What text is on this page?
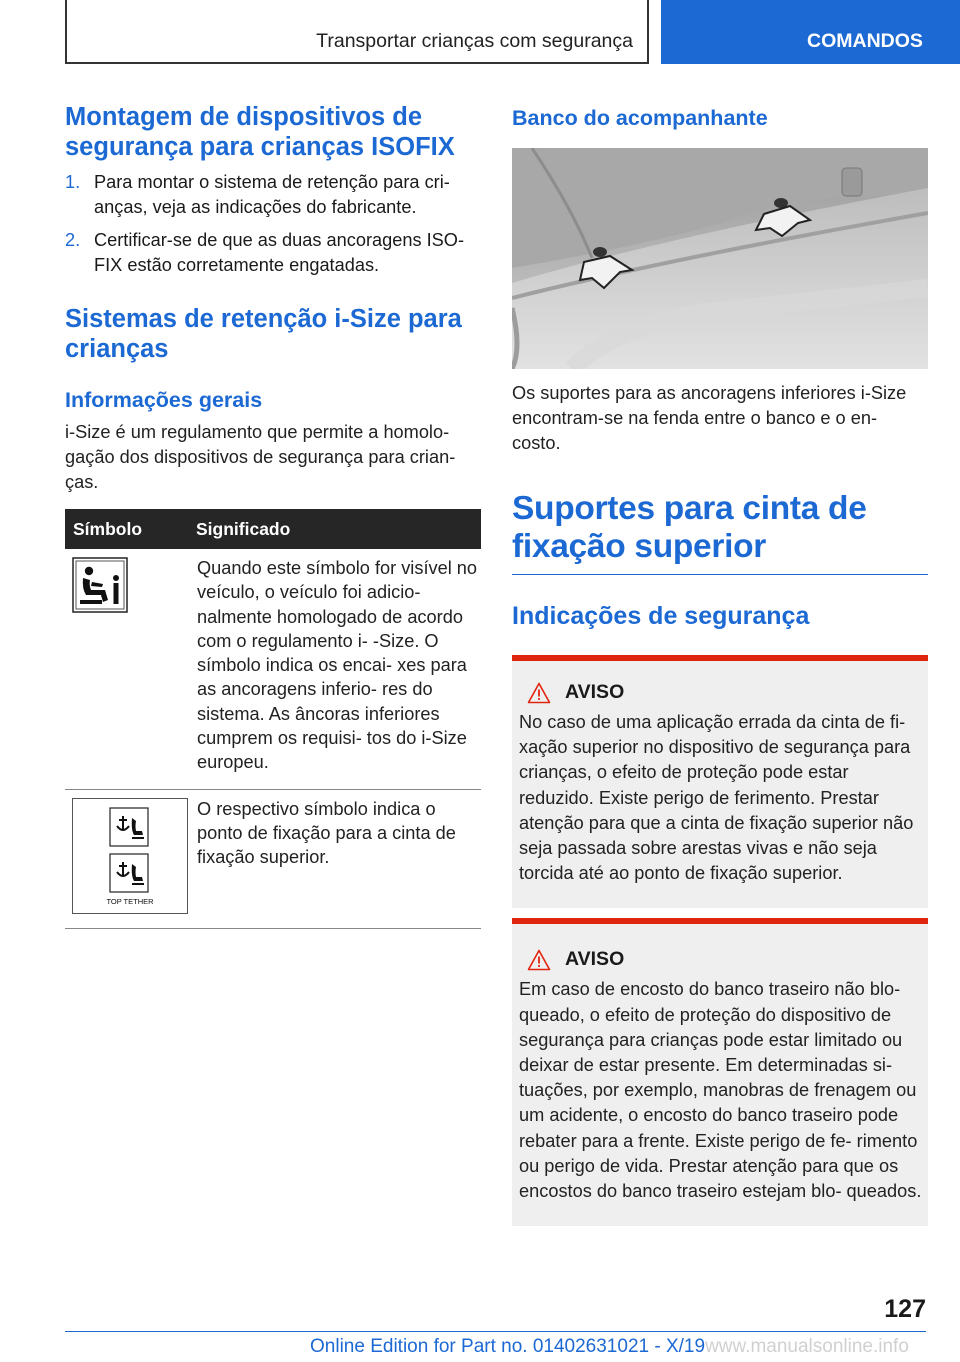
Transportar crianças com segurança	COMANDOS
Montagem de dispositivos de segurança para crianças ISOFIX
1. Para montar o sistema de retenção para cri‐ anças, veja as indicações do fabricante.
2. Certificar-se de que as duas ancoragens ISO‐ FIX estão corretamente engatadas.
Sistemas de retenção i-Size para crianças
Informações gerais

i-Size é um regulamento que permite a homolo‐ gação dos dispositivos de segurança para crian‐ ças.

Símbolo	Significado
	Quando este símbolo for visível no veículo, o veículo foi adicio‐ nalmente homologado de acordo com o regulamento i- -Size. O símbolo indica os encai‐ xes para as ancoragens inferio‐ res do sistema. As âncoras inferiores cumprem os requisi‐ tos do i-Size europeu.

TOP TETHER	O respectivo símbolo indica o ponto de fixação para a cinta de fixação superior.
Banco do acompanhante

Os suportes para as ancoragens inferiores i-Size encontram-se na fenda entre o banco e o en‐ costo.

Suportes para cinta de fixação superior
Indicações de segurança
AVISO

No caso de uma aplicação errada da cinta de fi‐ xação superior no dispositivo de segurança para crianças, o efeito de proteção pode estar reduzido. Existe perigo de ferimento. Prestar atenção para que a cinta de fixação superior não seja passada sobre arestas vivas e não seja torcida até ao ponto de fixação superior.

AVISO

Em caso de encosto do banco traseiro não blo‐ queado, o efeito de proteção do dispositivo de segurança para crianças pode estar limitado ou deixar de estar presente. Em determinadas si‐ tuações, por exemplo, manobras de frenagem ou um acidente, o encosto do banco traseiro pode rebater para a frente. Existe perigo de fe‐ rimento ou perigo de vida. Prestar atenção para que os encostos do banco traseiro estejam blo‐ queados.

127
Online Edition for Part no. 01402631021 - X/19www.manualsonline.info
